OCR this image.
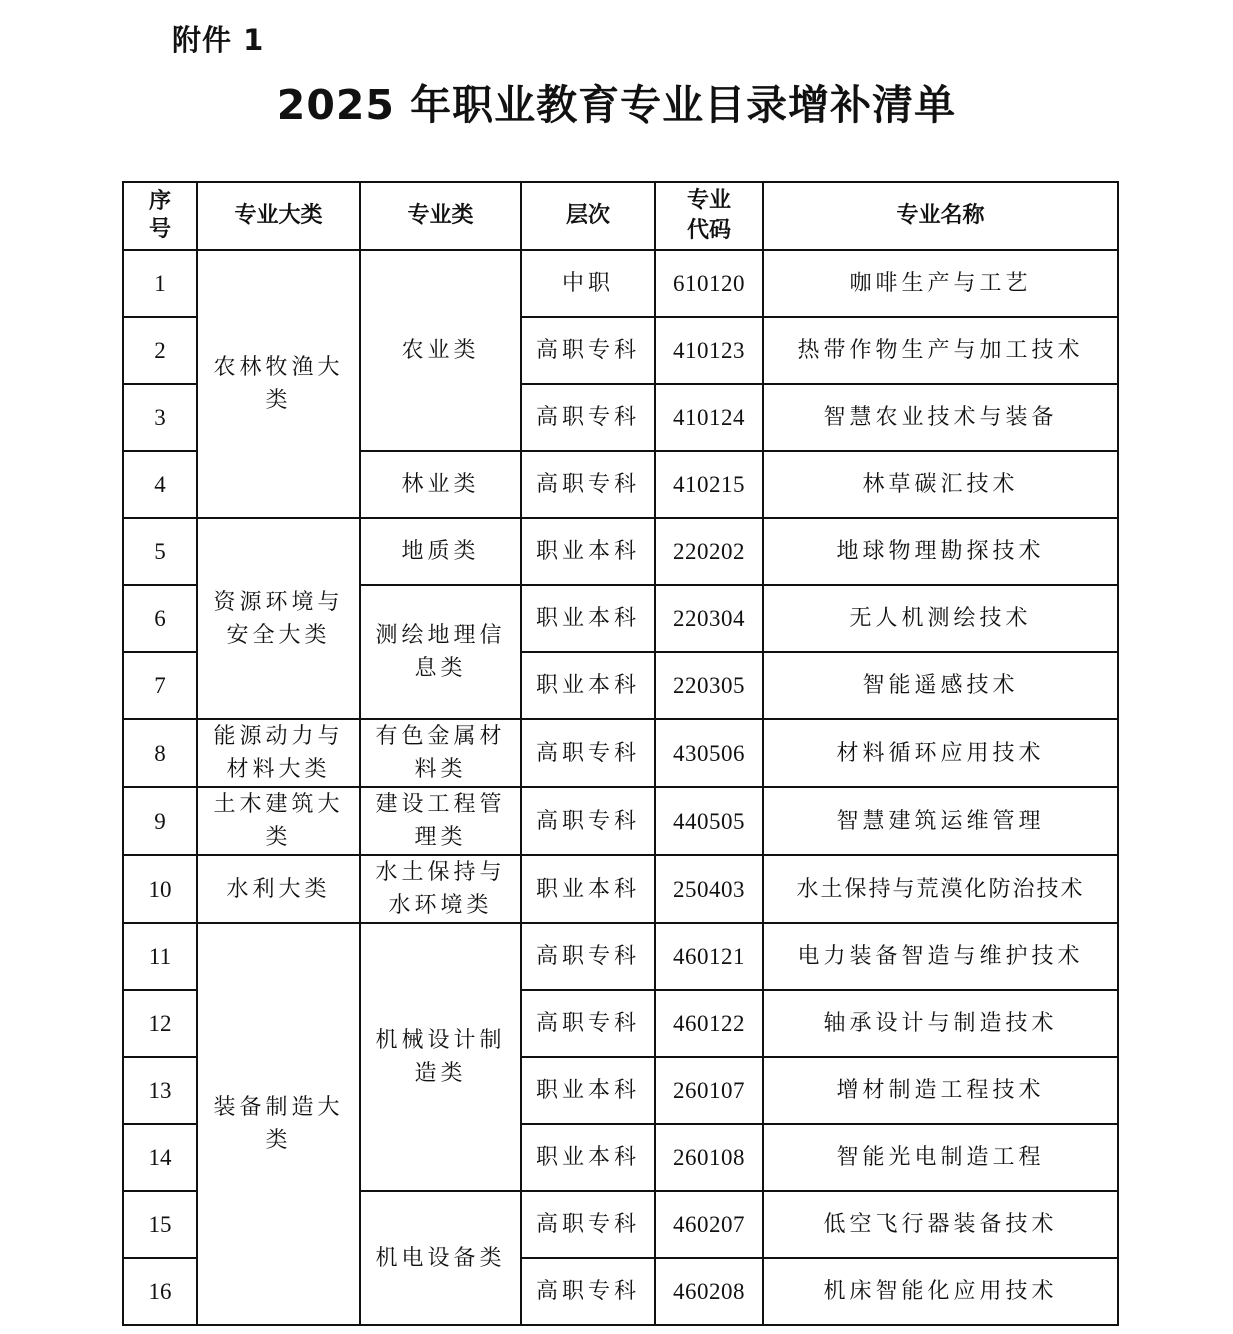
附件 1
2025 年职业教育专业目录增补清单
序号	专业大类	专业类	层次	专业代码	专业名称
1	农林牧渔大类	农业类	中职	610120	咖啡生产与工艺
2			高职专科	410123	热带作物生产与加工技术
3			高职专科	410124	智慧农业技术与装备
4		林业类	高职专科	410215	林草碳汇技术
5	资源环境与安全大类	地质类	职业本科	220202	地球物理勘探技术
6		测绘地理信息类	职业本科	220304	无人机测绘技术
7			职业本科	220305	智能遥感技术
8	能源动力与材料大类	有色金属材料类	高职专科	430506	材料循环应用技术
9	土木建筑大类	建设工程管理类	高职专科	440505	智慧建筑运维管理
10	水利大类	水土保持与水环境类	职业本科	250403	水土保持与荒漠化防治技术
11	装备制造大类	机械设计制造类	高职专科	460121	电力装备智造与维护技术
12			高职专科	460122	轴承设计与制造技术
13			职业本科	260107	增材制造工程技术
14			职业本科	260108	智能光电制造工程
15		机电设备类	高职专科	460207	低空飞行器装备技术
16			高职专科	460208	机床智能化应用技术
